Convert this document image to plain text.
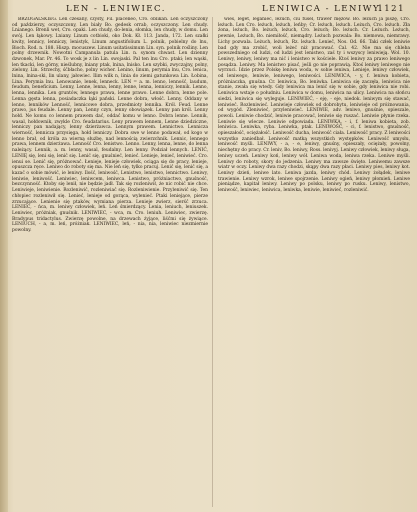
LEN - LENIWIEC.	LENIWICA - LENIWY.
1121

BRZOGALSKIEG. Len czesany, czysty, Fil. placeneo, Cro. oblikan. Len oczyszczony od paździerzy, oczyszczony, Len biały Bo. gedesk orrab, oczyszczony. Len chudy. Lnianego. Brenli wet, Cro. opaki. Len chudy, do-lenia, słomka, len chudy, w domu. Len swój. Len łąkowy. Lniany. Linum cotbioki, oko Dok. Kł. 113. Janda, 172. Len szałki kwity, lennicy, lenniczy, lenistyk, Linum angustifolium L. polnik, pobielny do lnu, Bioch. Rod. n. 188. Hiszp. mocuszew. Linum usitatissimum Lin. syn. polnik rośliny. Len polny drzewnik. Nowotni Campanula patula Lin. n. synom chwast. Len dzienny dzwonek, Mar. Pr. 46. To wosk je z lin Lin. swojaski. Pal ten lnu Cro. ptaki; len wąski, len tkacki, len górny, nieślubny, lniany ptak, lnina, lnisko. Len szybki, zwyczajny, polny, zielony, Lin. Strzechy, śćbłacho, polny wicher. Lenino, linum, perymia lnu, Cro. lenica, lnina, lnina-ski, lin ulany, jałowiec. Ilim wilk n, linia do ziemi gatunkowa Lin. Łobina, Lina. Perymia lnu. Lenowanie, lenek, lenneck. LEN = a. m. lenno, lenność, laudum, feudum, beneficium. Lenny, Lenne, lenna, lenny, lenne, lenna, lenniczy, lennik. Lenno, lenna, lennika. Len gruntów, lennego prawa, lenne prawo. Lenne dobra, lenne pole. Lenna gęsta lenna, posiadaczka łąki pański. Lenne dobra, włość. Lenny. Oddany w lenno, lenników Lenność, lennicowe dobra, przedmioty lennika. Król. Feud. Lenne prawo, jus feudale. Lenny pan, Lenny czyn, lenny obowiązek. Lenny pan król. Lenny hołd. Ne komu co lennem prawem dać, oddać komu w lenno. Dobra lenne. Lennik, wasal, hołdownik, zwykle Cro. feudatarius. Leny prawem lennem, Lenne dziedziczne, lenniczy pan nadający, lenny dzierżawca. Lennym prawem. Lennictwo. Lennicza wierność, lennicza przysięga, hołd lenniczy. Dobra swe w lenno podawał, od kogo w lenno brał, od króla za wierną służbę, nad lennością zwierzchnik. Lennic, lennego prawa, lennem dzierżawa. Lenność Cro. lenistwo. Lenno. Lenny, lenna, lenne, do lenna należący. Lennik, a. m. lenny, wasal, feudalny. Len lenny. Podział lennych. LENIĆ, LENIĘ się, leni się, lenić się. Lenić się, gnuśnieć, lenieć. Lenieje, lenieć, leniwieć. Cro. ienui se. Lenić się, próżnować. Łenieje, lenieje człowiek, ociąga się do pracy, lenieje, opuszcza ręce. Leniwo do roboty się ma. Nie leń się, tylko pracuj. Lenić się, lenić się, a kazać o sobie mówić, ie leniwy. Ilość, leniwość, Lenistwo, lenistwo, lennictwo. Leniwy, leniwie, leniwość. Leniwiec, leniwcem, leniwca. Lenistwo, próżniactwo, gnuśność, bezczynność. Ktoby się lenił, nie będzie jadł. Tak się rozleniwił, że nic robić nie chce. Leniwieje, leniwienie. Rozleniwić, rozleniwiać się. Rozleniwienie. Przyleniwić się. Ten chłopiec rozleniwił się. Lenieć, lenieje od gorąca, wylenieć. Ptaki leniejące, pierze zrzucające. Lenienie się ptaków, wymiana pierza. Lenieje zwierz, sierść zrzuca. LENIEC, - ńca, m. leniwy człowiek, leń. Leń śmierdzący. Lenia, leniuch, leniuszek. Leniwiec, próżniak, gnuśnik. LENIWIEC, - wca, m. Cro. leniuh. Leniwiec, zwierzę. Bradypus tridactylus. Zwierzę powolne, na drzewach żyjące, liśćmi się żywiące. LENIUCH, - a, m. leń, próżniak. LENIWIEC, leń, - nia, nia, leniwiec niezmiernie powolny.

wieś, leget, leganiec, leżuch, ciu fusel, trawer mężów. Bo. leżuch ja piszę, Cro. leżuch. Len Cro. leżuch, leżuch, leńby; Cr. leżuch, leżuch. Leżuch, Cro. leżuch. Zła żona, leżuch, Bo. leżuch, leżuch, Cro. leżuch; Bo. leżuch. Cr. Leżuch. Leżuch, pewnie, Leżuch, Bo. niemiłość, niemądry. Leżuch pozwala: Bo. niemowa, niemrawy. Lichy pozwala. Leżuch, leżuch, Rz. leżuch. Lenieć, Nos. Od. 66. Taki człek leniwie bad gdy ma zrobić, woli leżeć niż pracować. Cal. 42. Nie ma się chleba powszedniego od ludzi, od ludzi jest lenistwo, zaś ty i wszyscy leniwieją. Wol. 10. Leniwy, leniwy, leniwy ma nić i lenistwo w kościele. Ktoś leniwy za prawo leniwego posądza. Leniwy. Ma lenistwo pisać, jeśli go nie poprawią. Ktoś leniwy leniwego nie wyrzuci. Idzie przez Polskę leniwa woda, w sobie leniwa, Lenieje, leniwy człowiek, od leniwego, leniwie, leniwego, leniwości. LENIWICA, - y, f. leniwa kobieta, próżniaczka, gnuśna. Cr. leniwica, Bo. leniwka. Leniwica się zaczęła, leniwica nie stanie, zwała się wtedy. Gdy leniwica ma lenić się w sobie, gdy leniwica nie robi. Leniwica wstaje o południu. Leniwica w domu, leniwica na ulicy. Leniwica na słońcu siedzi, leniwica się wyleguje. LENIWIEĆ, - eję, - eje, niedok. leniwym się stawać, leniwieć. Rozleniwieć. Leniwieje człowiek od dobrobytu, leniwieje od próżnowania, od wygód. Zleniwieć, przyleniwieć. LENIWIE, adv. leniwo, gnuśnie, opieszale, powoli. Leniwie chodzić, leniwie pracować, leniwie się ruszać. Leniwie płynie rzeka. Leniwie się wlecze. Leniwie odpowiada. LENIWKA, - i, f. leniwa kobieta, zob. leniwica. Leniwka, ryba. Leniwka, ptak. LENIWOŚĆ, - ci, f. lenistwo, gnuśność, opieszałość, ociężałość. Leniwość ducha, leniwość ciała. Leniwość pracy. Z leniwości wszystko zaniedbał. Leniwość matką wszystkich występków. Leniwość umysłu, leniwość myśli. LENIWY, - a, - e, leniwy, gnuśny, opieszały, ociężały, powolny, niechętny do pracy. Cr. leniv, Bo. leniwy, Ross. lenivyj. Leniwy człowiek, leniwy sługa, leniwy uczeń. Leniwy koń, leniwy wół. Leniwa woda, leniwa rzeka. Leniwe myśli. Leniwy do roboty, skory do jedzenia. Leniwy ma zawsze święto. Leniwemu zawsze wiatr w oczy. Leniwy dwa razy chodzi, skąpy dwa razy płaci. Leniwy pies, leniwy kot. Leniwy dzień, leniwe lato. Leniwa jazda, leniwy chód. Leniwy żołądek, leniwe trawienie. Leniwy wzrok, leniwe spojrzenie. Leniwy ogień, leniwy płomień. Leniwe pieniądze, kapitał leniwy. Leniwy po polsku, leniwy po rusku. Leniwy, lenistwo, leniwość, leniwiec, leniwica, leniwka, leniwie, leniwieć, rozleniwić.
